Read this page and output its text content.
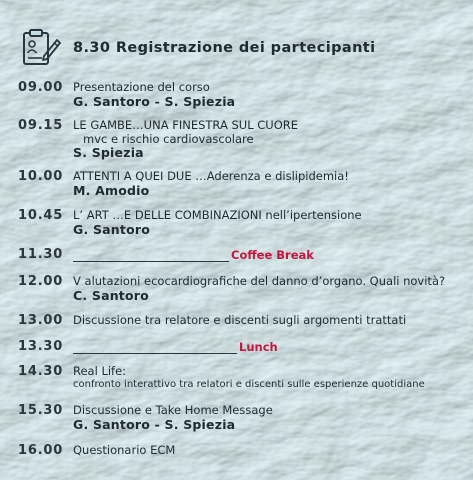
8.30 Registrazione dei partecipanti
09.00 Presentazione del corso
G. Santoro - S. Spiezia
09.15 LE GAMBE…UNA FINESTRA SUL CUORE
mvc e rischio cardiovascolare
S. Spiezia
10.00 ATTENTI A QUEI DUE …Aderenza e dislipidemia!
M. Amodio
10.45 L’ ART …E DELLE COMBINAZIONI nell’ipertensione
G. Santoro
11.30	Coffee Break
12.00 V alutazioni ecocardiografiche del danno d’organo. Quali novità?
C. Santoro
13.00 Discussione tra relatore e discenti sugli argomenti trattati
13.30	Lunch
14.30 Real Life:
confronto interattivo tra relatori e discenti sulle esperienze quotidiane
15.30 Discussione e Take Home Message
G. Santoro - S. Spiezia
16.00 Questionario ECM
